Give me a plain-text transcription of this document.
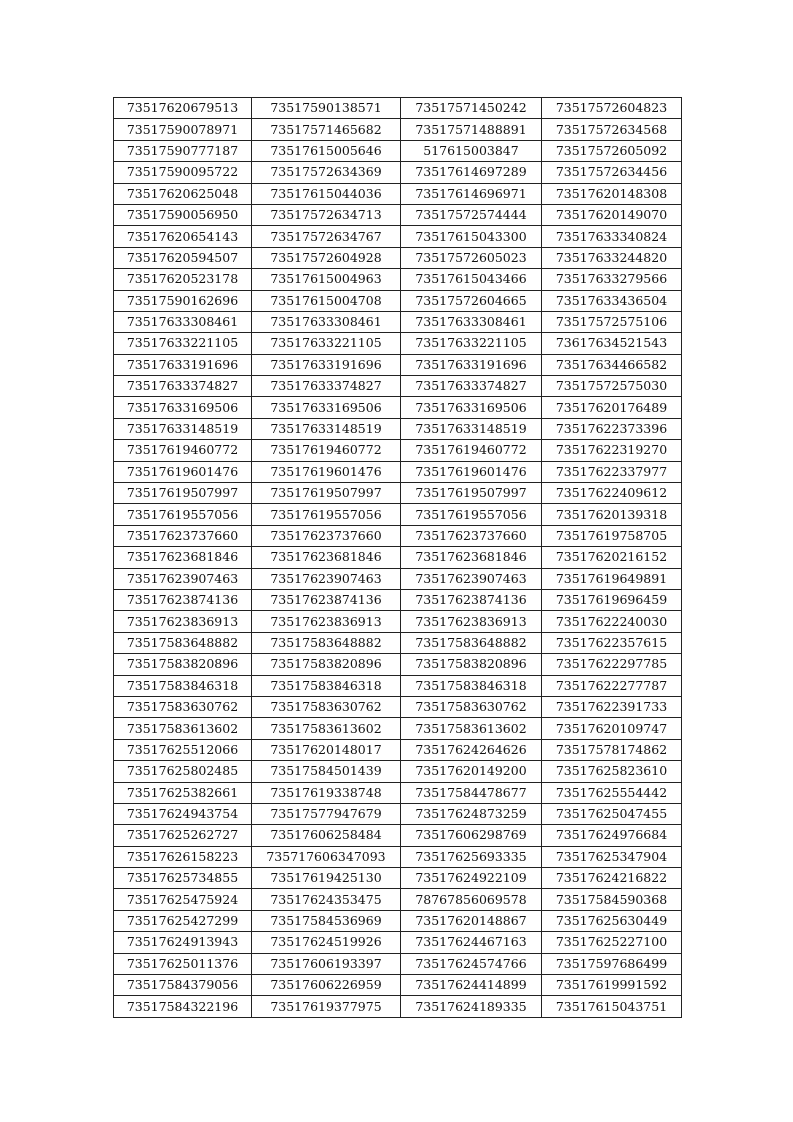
73517620679513	73517590138571	73517571450242	73517572604823
73517590078971	73517571465682	73517571488891	73517572634568
73517590777187	73517615005646	517615003847	73517572605092
73517590095722	73517572634369	73517614697289	73517572634456
73517620625048	73517615044036	73517614696971	73517620148308
73517590056950	73517572634713	73517572574444	73517620149070
73517620654143	73517572634767	73517615043300	73517633340824
73517620594507	73517572604928	73517572605023	73517633244820
73517620523178	73517615004963	73517615043466	73517633279566
73517590162696	73517615004708	73517572604665	73517633436504
73517633308461	73517633308461	73517633308461	73517572575106
73517633221105	73517633221105	73517633221105	73617634521543
73517633191696	73517633191696	73517633191696	73517634466582
73517633374827	73517633374827	73517633374827	73517572575030
73517633169506	73517633169506	73517633169506	73517620176489
73517633148519	73517633148519	73517633148519	73517622373396
73517619460772	73517619460772	73517619460772	73517622319270
73517619601476	73517619601476	73517619601476	73517622337977
73517619507997	73517619507997	73517619507997	73517622409612
73517619557056	73517619557056	73517619557056	73517620139318
73517623737660	73517623737660	73517623737660	73517619758705
73517623681846	73517623681846	73517623681846	73517620216152
73517623907463	73517623907463	73517623907463	73517619649891
73517623874136	73517623874136	73517623874136	73517619696459
73517623836913	73517623836913	73517623836913	73517622240030
73517583648882	73517583648882	73517583648882	73517622357615
73517583820896	73517583820896	73517583820896	73517622297785
73517583846318	73517583846318	73517583846318	73517622277787
73517583630762	73517583630762	73517583630762	73517622391733
73517583613602	73517583613602	73517583613602	73517620109747
73517625512066	73517620148017	73517624264626	73517578174862
73517625802485	73517584501439	73517620149200	73517625823610
73517625382661	73517619338748	73517584478677	73517625554442
73517624943754	73517577947679	73517624873259	73517625047455
73517625262727	73517606258484	73517606298769	73517624976684
73517626158223	735717606347093	73517625693335	73517625347904
73517625734855	73517619425130	73517624922109	73517624216822
73517625475924	73517624353475	78767856069578	73517584590368
73517625427299	73517584536969	73517620148867	73517625630449
73517624913943	73517624519926	73517624467163	73517625227100
73517625011376	73517606193397	73517624574766	73517597686499
73517584379056	73517606226959	73517624414899	73517619991592
73517584322196	73517619377975	73517624189335	73517615043751
